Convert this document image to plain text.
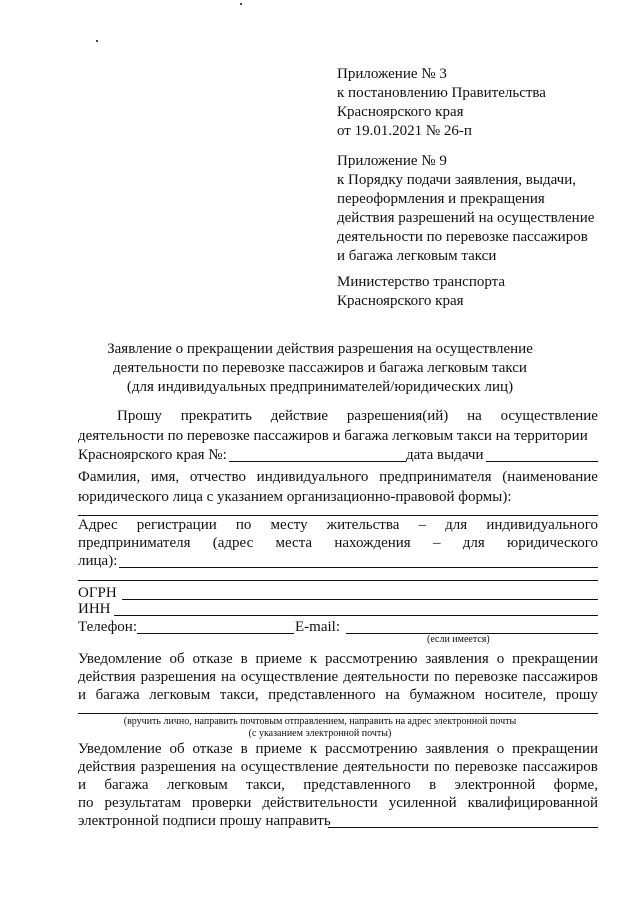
Приложение № 3
к постановлению Правительства
Красноярского края
от 19.01.2021 № 26-п
Приложение № 9
к Порядку подачи заявления, выдачи,
переоформления и прекращения
действия разрешений на осуществление
деятельности по перевозке пассажиров
и багажа легковым такси
Министерство транспорта
Красноярского края
Заявление о прекращении действия разрешения на осуществление
деятельности по перевозке пассажиров и багажа легковым такси
(для индивидуальных предпринимателей/юридических лиц)
Прошу прекратить действие разрешения(ий) на осуществление
деятельности по перевозке пассажиров и багажа легковым такси на территории
Красноярского края №:	дата выдачи
Фамилия, имя, отчество индивидуального предпринимателя (наименование
юридического лица с указанием организационно-правовой формы):
Адрес регистрации по месту жительства – для индивидуального
предпринимателя (адрес места нахождения – для юридического
лица):
ОГРН
ИНН
Телефон:	E-mail:
(если имеется)
Уведомление об отказе в приеме к рассмотрению заявления о прекращении
действия разрешения на осуществление деятельности по перевозке пассажиров
и багажа легковым такси, представленного на бумажном носителе, прошу
(вручить лично, направить почтовым отправлением, направить на адрес электронной почты
(с указанием электронной почты)
Уведомление об отказе в приеме к рассмотрению заявления о прекращении
действия разрешения на осуществление деятельности по перевозке пассажиров
и багажа легковым такси, представленного в электронной форме,
по результатам проверки действительности усиленной квалифицированной
электронной подписи прошу направить
